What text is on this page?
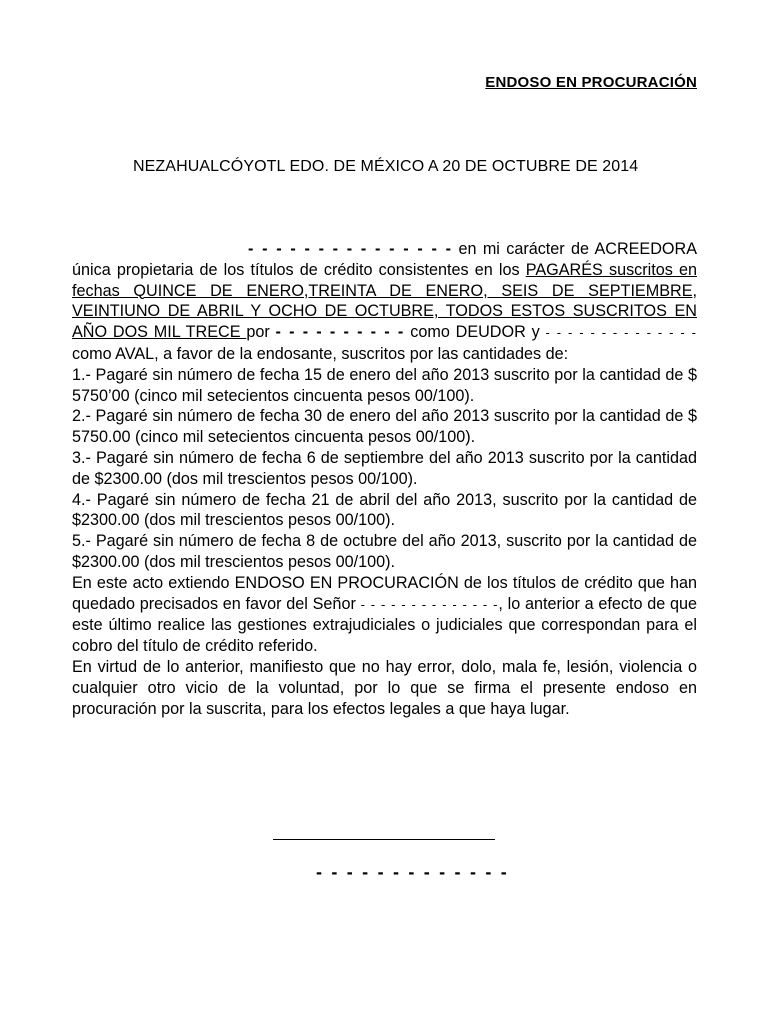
ENDOSO EN PROCURACIÓN
NEZAHUALCÓYOTL EDO. DE MÉXICO A 20 DE OCTUBRE DE 2014

- - - - - - - - - - - - - - - en mi carácter de ACREEDORA única propietaria de los títulos de crédito consistentes en los PAGARÉS suscritos en fechas QUINCE DE ENERO,TREINTA DE ENERO, SEIS DE SEPTIEMBRE, VEINTIUNO DE ABRIL Y OCHO DE OCTUBRE, TODOS ESTOS SUSCRITOS EN AÑO DOS MIL TRECE por - - - - - - - - - - como DEUDOR y - - - - - - - - - - - - - - como AVAL, a favor de la endosante, suscritos por las cantidades de:

1.- Pagaré sin número de fecha 15 de enero del año 2013 suscrito por la cantidad de $ 5750’00 (cinco mil setecientos cincuenta pesos 00/100).

2.- Pagaré sin número de fecha 30 de enero del año 2013 suscrito por la cantidad de $ 5750.00 (cinco mil setecientos cincuenta pesos 00/100).

3.- Pagaré sin número de fecha 6 de septiembre del año 2013 suscrito por la cantidad de $2300.00 (dos mil trescientos pesos 00/100).

4.- Pagaré sin número de fecha 21 de abril del año 2013, suscrito por la cantidad de $2300.00 (dos mil trescientos pesos 00/100).

5.- Pagaré sin número de fecha 8 de octubre del año 2013, suscrito por la cantidad de $2300.00 (dos mil trescientos pesos 00/100).

En este acto extiendo ENDOSO EN PROCURACIÓN de los títulos de crédito que han quedado precisados en favor del Señor - - - - - - - - - - - - - -, lo anterior a efecto de que este último realice las gestiones extrajudiciales o judiciales que correspondan para el cobro del título de crédito referido.

En virtud de lo anterior, manifiesto que no hay error, dolo, mala fe, lesión, violencia o cualquier otro vicio de la voluntad, por lo que se firma el presente endoso en procuración por la suscrita, para los efectos legales a que haya lugar.

- - - - - - - - - - - - -
